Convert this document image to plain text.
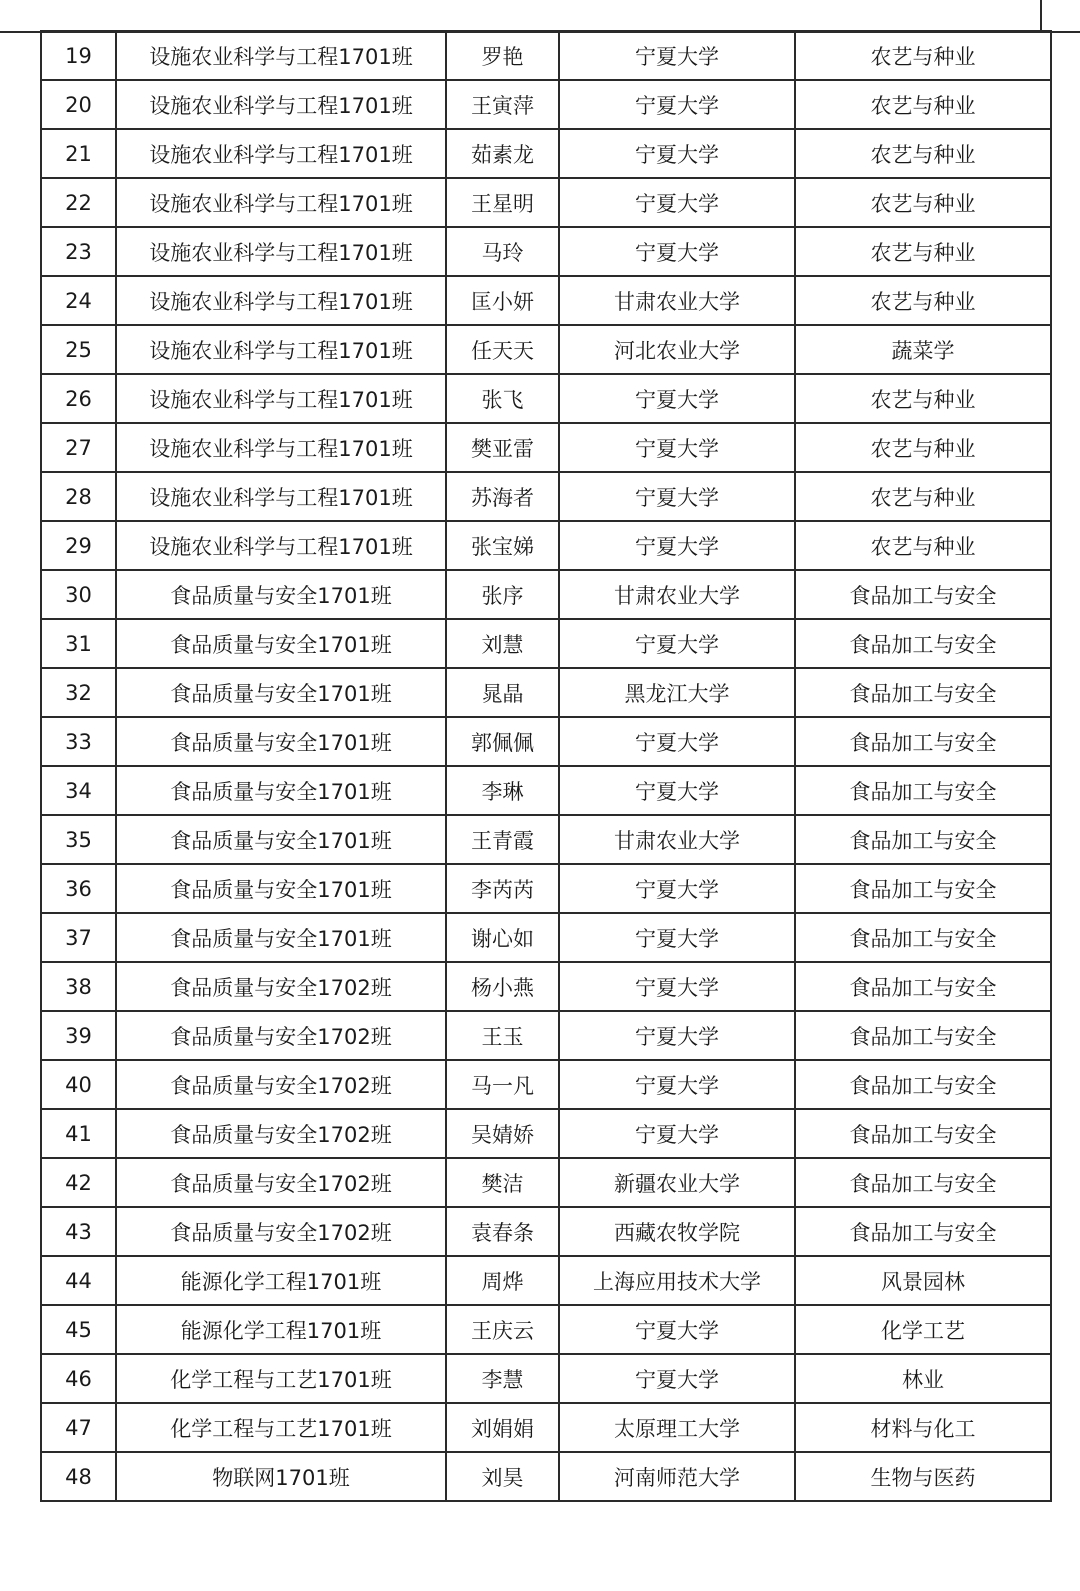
19	设施农业科学与工程1701班	罗艳	宁夏大学	农艺与种业
20	设施农业科学与工程1701班	王寅萍	宁夏大学	农艺与种业
21	设施农业科学与工程1701班	茹素龙	宁夏大学	农艺与种业
22	设施农业科学与工程1701班	王星明	宁夏大学	农艺与种业
23	设施农业科学与工程1701班	马玲	宁夏大学	农艺与种业
24	设施农业科学与工程1701班	匡小妍	甘肃农业大学	农艺与种业
25	设施农业科学与工程1701班	任天天	河北农业大学	蔬菜学
26	设施农业科学与工程1701班	张飞	宁夏大学	农艺与种业
27	设施农业科学与工程1701班	樊亚雷	宁夏大学	农艺与种业
28	设施农业科学与工程1701班	苏海者	宁夏大学	农艺与种业
29	设施农业科学与工程1701班	张宝娣	宁夏大学	农艺与种业
30	食品质量与安全1701班	张序	甘肃农业大学	食品加工与安全
31	食品质量与安全1701班	刘慧	宁夏大学	食品加工与安全
32	食品质量与安全1701班	晁晶	黑龙江大学	食品加工与安全
33	食品质量与安全1701班	郭佩佩	宁夏大学	食品加工与安全
34	食品质量与安全1701班	李琳	宁夏大学	食品加工与安全
35	食品质量与安全1701班	王青霞	甘肃农业大学	食品加工与安全
36	食品质量与安全1701班	李芮芮	宁夏大学	食品加工与安全
37	食品质量与安全1701班	谢心如	宁夏大学	食品加工与安全
38	食品质量与安全1702班	杨小燕	宁夏大学	食品加工与安全
39	食品质量与安全1702班	王玉	宁夏大学	食品加工与安全
40	食品质量与安全1702班	马一凡	宁夏大学	食品加工与安全
41	食品质量与安全1702班	吴婧娇	宁夏大学	食品加工与安全
42	食品质量与安全1702班	樊洁	新疆农业大学	食品加工与安全
43	食品质量与安全1702班	袁春条	西藏农牧学院	食品加工与安全
44	能源化学工程1701班	周烨	上海应用技术大学	风景园林
45	能源化学工程1701班	王庆云	宁夏大学	化学工艺
46	化学工程与工艺1701班	李慧	宁夏大学	林业
47	化学工程与工艺1701班	刘娟娟	太原理工大学	材料与化工
48	物联网1701班	刘昊	河南师范大学	生物与医药
